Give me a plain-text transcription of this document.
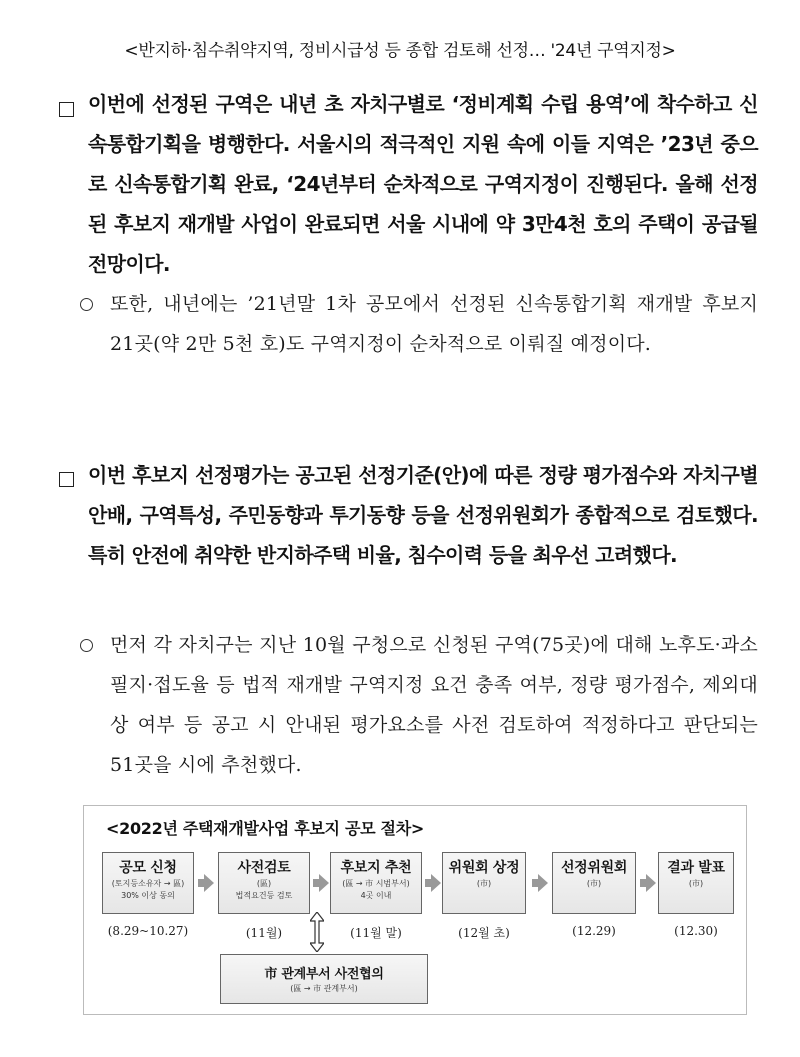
<반지하·침수취약지역, 정비시급성 등 종합 검토해 선정… '24년 구역지정>
이번에 선정된 구역은 내년 초 자치구별로 ‘정비계획 수립 용역’에 착수하고 신속통합기획을 병행한다. 서울시의 적극적인 지원 속에 이들 지역은 ’23년 중으로 신속통합기획 완료, ‘24년부터 순차적으로 구역지정이 진행된다. 올해 선정된 후보지 재개발 사업이 완료되면 서울 시내에 약 3만4천 호의 주택이 공급될 전망이다.
또한, 내년에는 ’21년말 1차 공모에서 선정된 신속통합기획 재개발 후보지 21곳(약 2만 5천 호)도 구역지정이 순차적으로 이뤄질 예정이다.
이번 후보지 선정평가는 공고된 선정기준(안)에 따른 정량 평가점수와 자치구별 안배, 구역특성, 주민동향과 투기동향 등을 선정위원회가 종합적으로 검토했다. 특히 안전에 취약한 반지하주택 비율, 침수이력 등을 최우선 고려했다.
먼저 각 자치구는 지난 10월 구청으로 신청된 구역(75곳)에 대해 노후도·과소필지·접도율 등 법적 재개발 구역지정 요건 충족 여부, 정량 평가점수, 제외대상 여부 등 공고 시 안내된 평가요소를 사전 검토하여 적정하다고 판단되는 51곳을 시에 추천했다.
<2022년 주택재개발사업 후보지 공모 절차>
공모 신청
(토지등소유자 → 區)
30% 이상 동의
(8.29~10.27)
사전검토
(區)
법적요건등 검토
(11월)
후보지 추천
(區 → 市 시범부서)
4곳 이내
(11월 말)
위원회 상정
(市)
(12월 초)
선정위원회
(市)
(12.29)
결과 발표
(市)
(12.30)
市 관계부서 사전협의
(區 → 市 관계부서)
